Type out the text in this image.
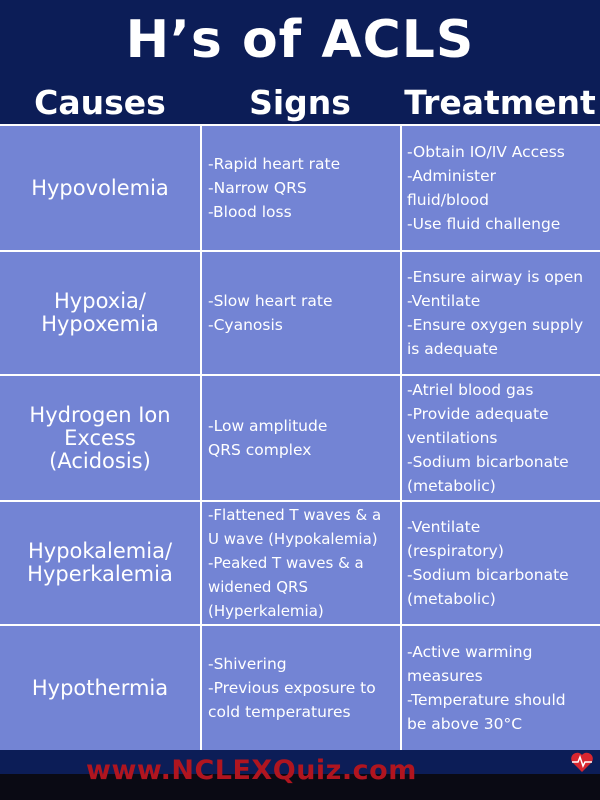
H’s of ACLS
Causes	Signs	Treatment
Hypovolemia
-Rapid heart rate
-Narrow QRS
-Blood loss
-Obtain IO/IV Access
-Administer
fluid/blood
-Use fluid challenge
Hypoxia/
Hypoxemia
-Slow heart rate
-Cyanosis
-Ensure airway is open
-Ventilate
-Ensure oxygen supply
is adequate
Hydrogen Ion
Excess
(Acidosis)
-Low amplitude
QRS complex
-Atriel blood gas
-Provide adequate
ventilations
-Sodium bicarbonate
(metabolic)
Hypokalemia/
Hyperkalemia
-Flattened T waves & a
U wave (Hypokalemia)
-Peaked T waves & a
widened QRS
(Hyperkalemia)
-Ventilate
(respiratory)
-Sodium bicarbonate
(metabolic)
Hypothermia
-Shivering
-Previous exposure to
cold temperatures
-Active warming
measures
-Temperature should
be above 30°C
www.NCLEXQuiz.com
